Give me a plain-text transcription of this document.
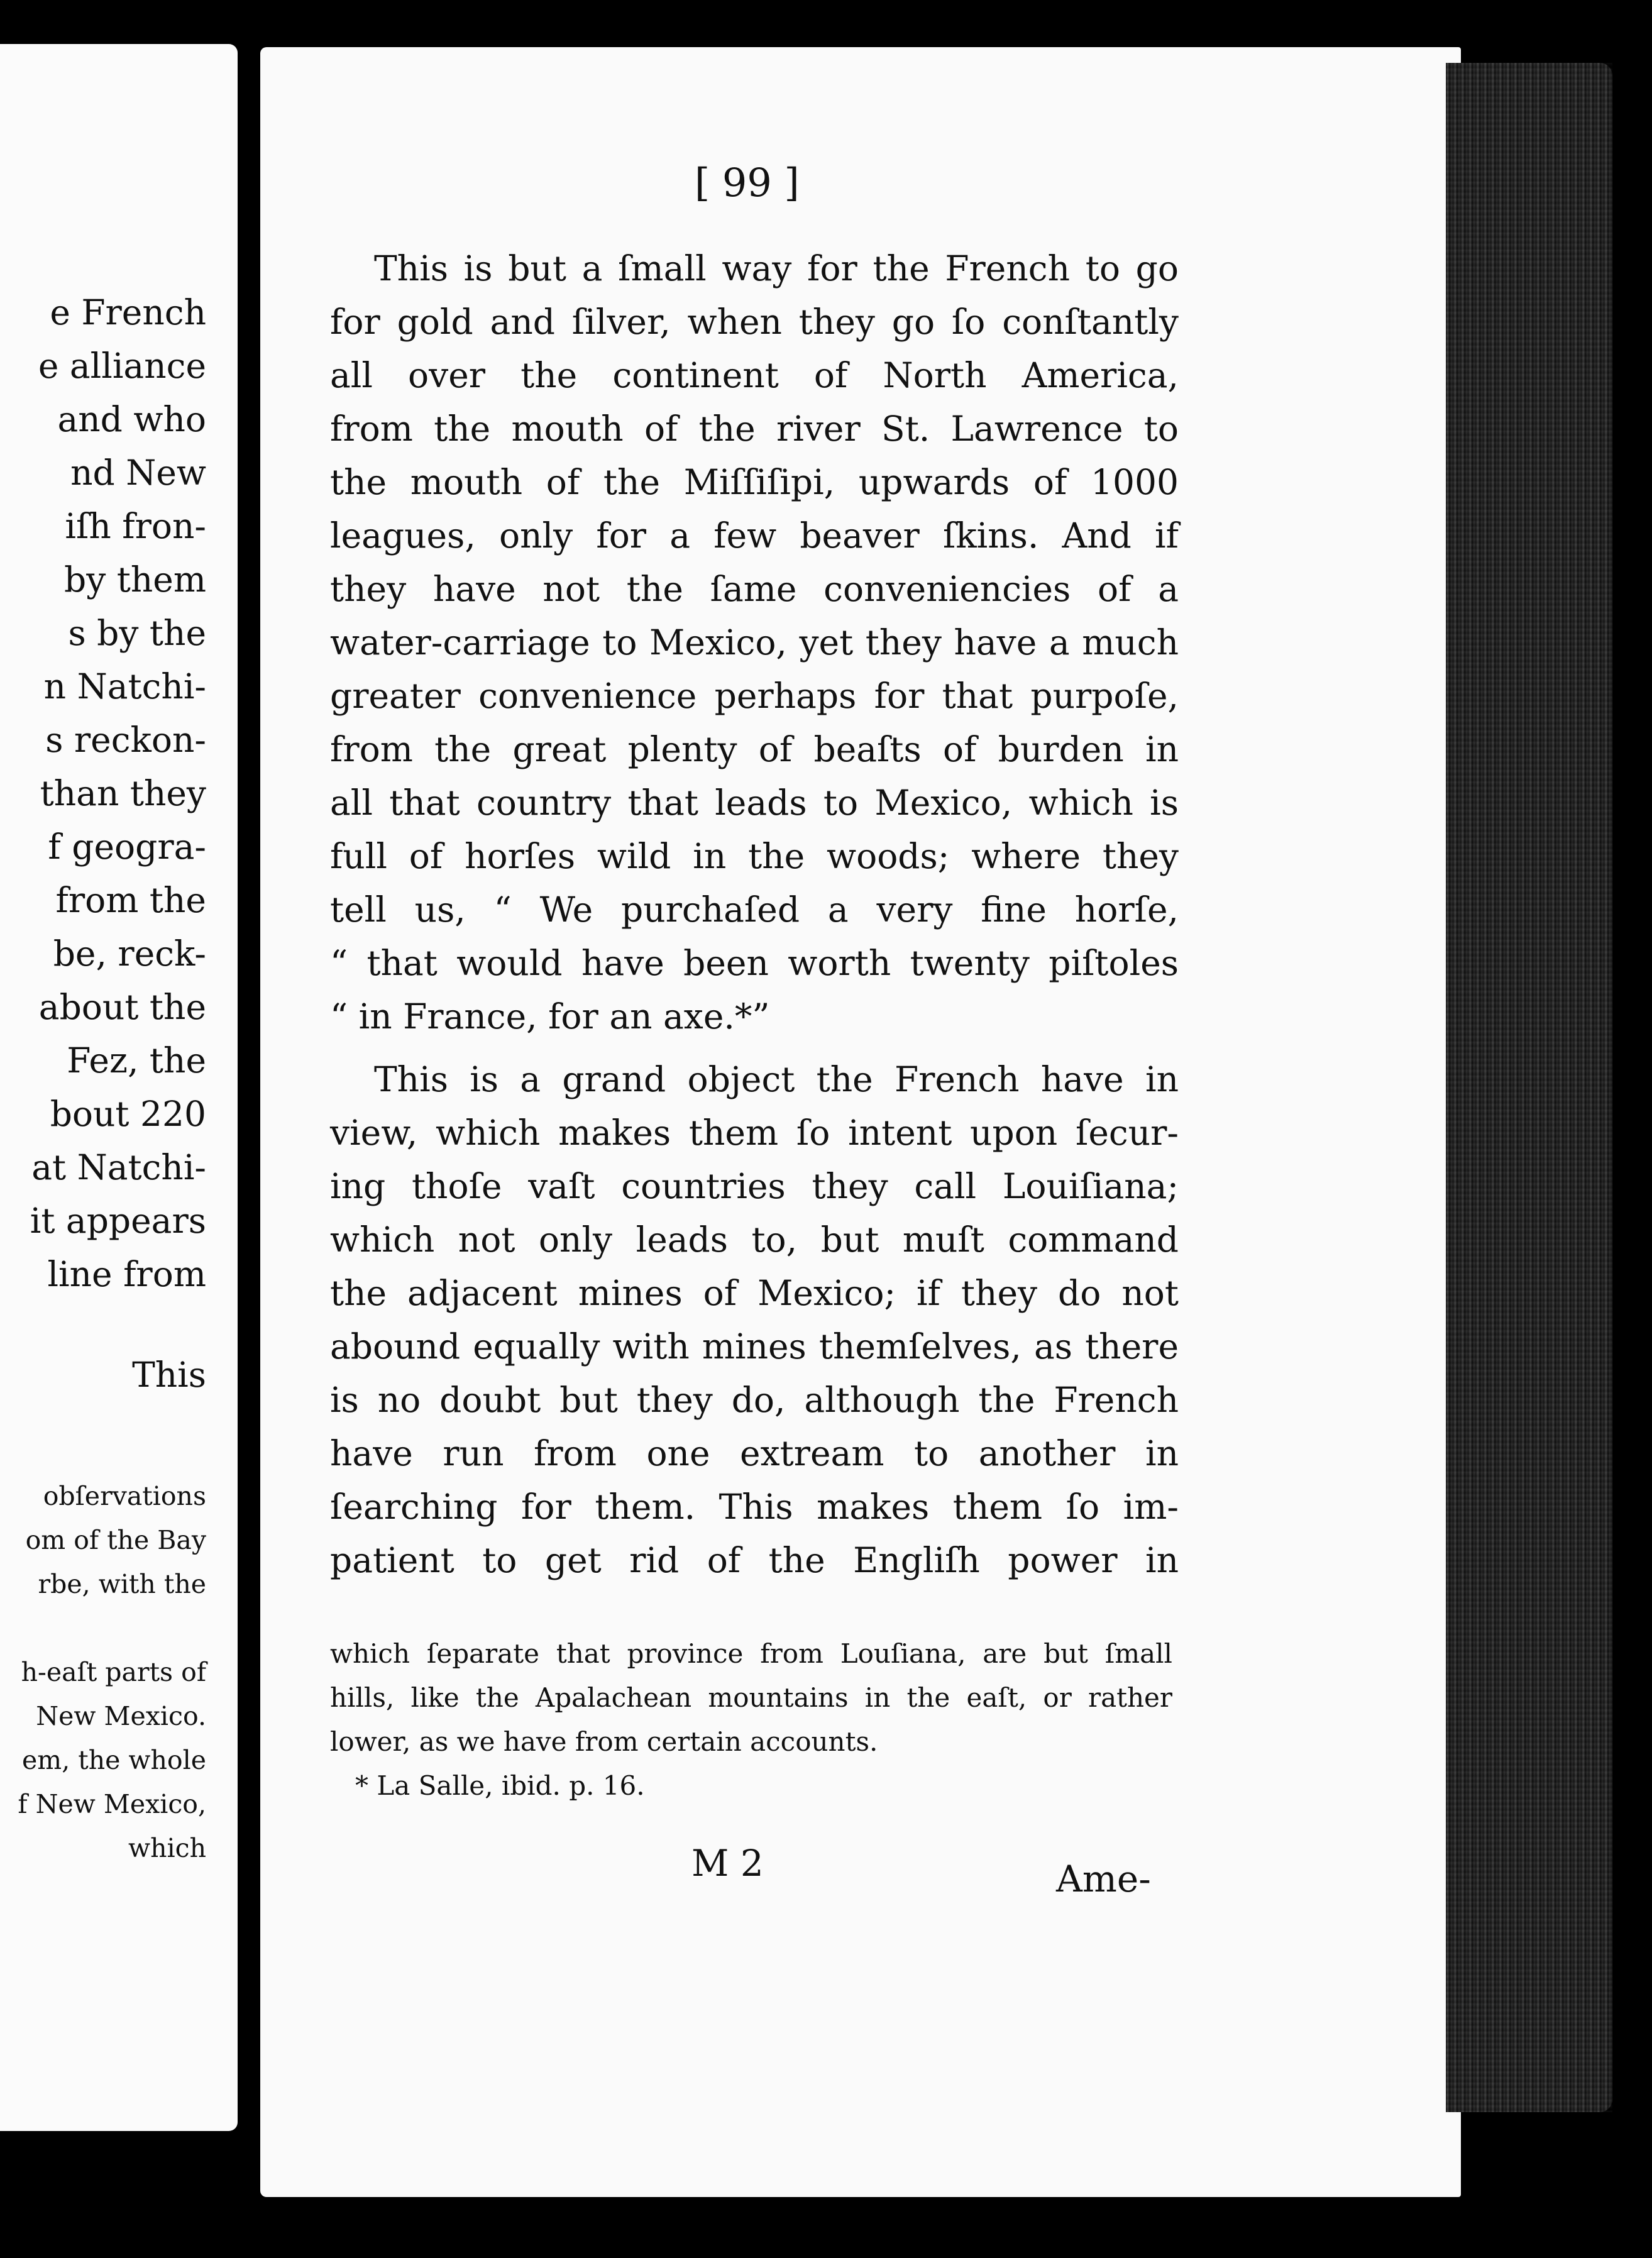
e French
e alliance
and who
nd New
iſh fron-
by them
s by the
n Natchi-
s reckon-
than they
f geogra-
from the
be, reck-
about the
Fez, the
bout 220
at Natchi-
it appears
line from
This
obſervations
om of the Bay
rbe, with the
h-eaſt parts of
New Mexico.
em, the whole
f New Mexico,
which
[ 99 ]
This is but a ſmall way for the French to go
for gold and ſilver, when they go ſo conſtantly
all over the continent of North America,
from the mouth of the river St. Lawrence to
the mouth of the Miſſiſipi, upwards of 1000
leagues, only for a few beaver ſkins. And if
they have not the ſame conveniencies of a
water-carriage to Mexico, yet they have a much
greater convenience perhaps for that purpoſe,
from the great plenty of beaſts of burden in
all that country that leads to Mexico, which is
full of horſes wild in the woods; where they
tell us, “ We purchaſed a very fine horſe,
“ that would have been worth twenty piſtoles
“ in France, for an axe.*”
This is a grand object the French have in
view, which makes them ſo intent upon ſecur-
ing thoſe vaſt countries they call Louiſiana;
which not only leads to, but muſt command
the adjacent mines of Mexico; if they do not
abound equally with mines themſelves, as there
is no doubt but they do, although the French
have run from one extream to another in
ſearching for them. This makes them ſo im-
patient to get rid of the Engliſh power in
which ſeparate that province from Louſiana, are but ſmall
hills, like the Apalachean mountains in the eaſt, or rather
lower, as we have from certain accounts.
* La Salle, ibid. p. 16.
M 2	Ame-
